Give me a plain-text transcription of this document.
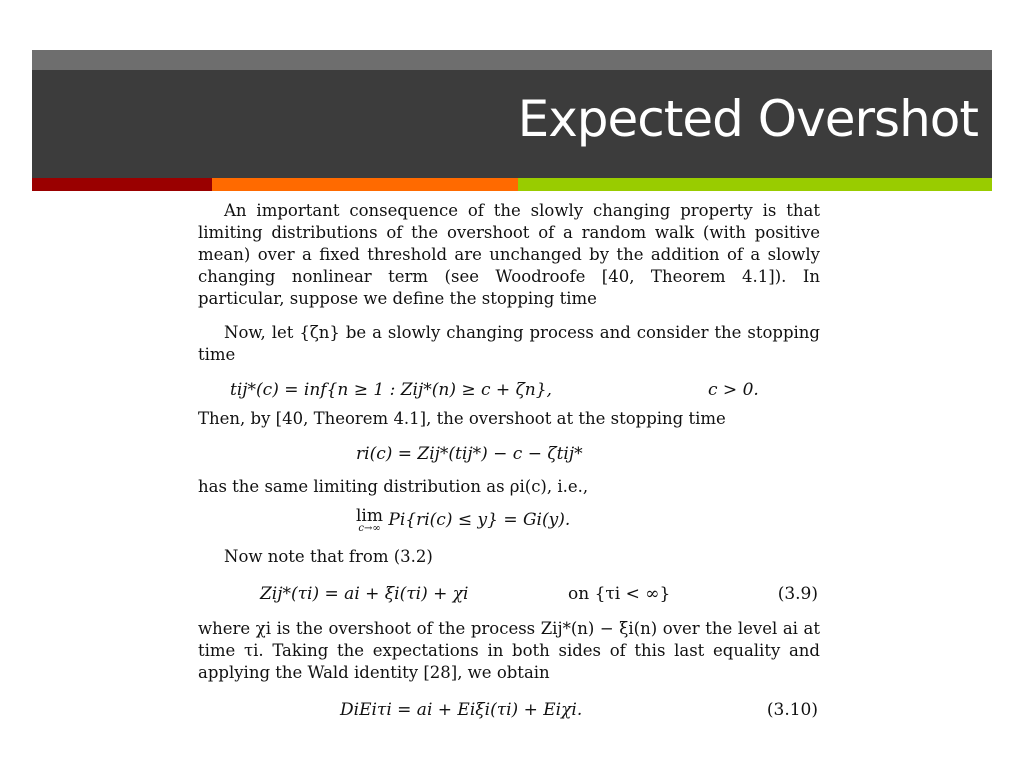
Expected Overshot

An important consequence of the slowly changing property is that limiting distributions of the overshoot of a random walk (with positive mean) over a fixed threshold are unchanged by the addition of a slowly changing nonlinear term (see Woodroofe [40, Theorem 4.1]). In particular, suppose we define the stopping time

Now, let {ζn} be a slowly changing process and consider the stopping time

tij*(c) = inf{n ≥ 1 : Zij*(n) ≥ c + ζn},	c > 0.

Then, by [40, Theorem 4.1], the overshoot at the stopping time

ri(c) = Zij*(tij*) − c − ζtij*

has the same limiting distribution as ρi(c), i.e.,

lim
c→∞ Pi{ri(c) ≤ y} = Gi(y).

Now note that from (3.2)

Zij*(τi) = ai + ξi(τi) + χi	on {τi < ∞}	(3.9)

where χi is the overshoot of the process Zij*(n) − ξi(n) over the level ai at time τi. Taking the expectations in both sides of this last equality and applying the Wald identity [28], we obtain

DiEiτi = ai + Eiξi(τi) + Eiχi.	(3.10)
